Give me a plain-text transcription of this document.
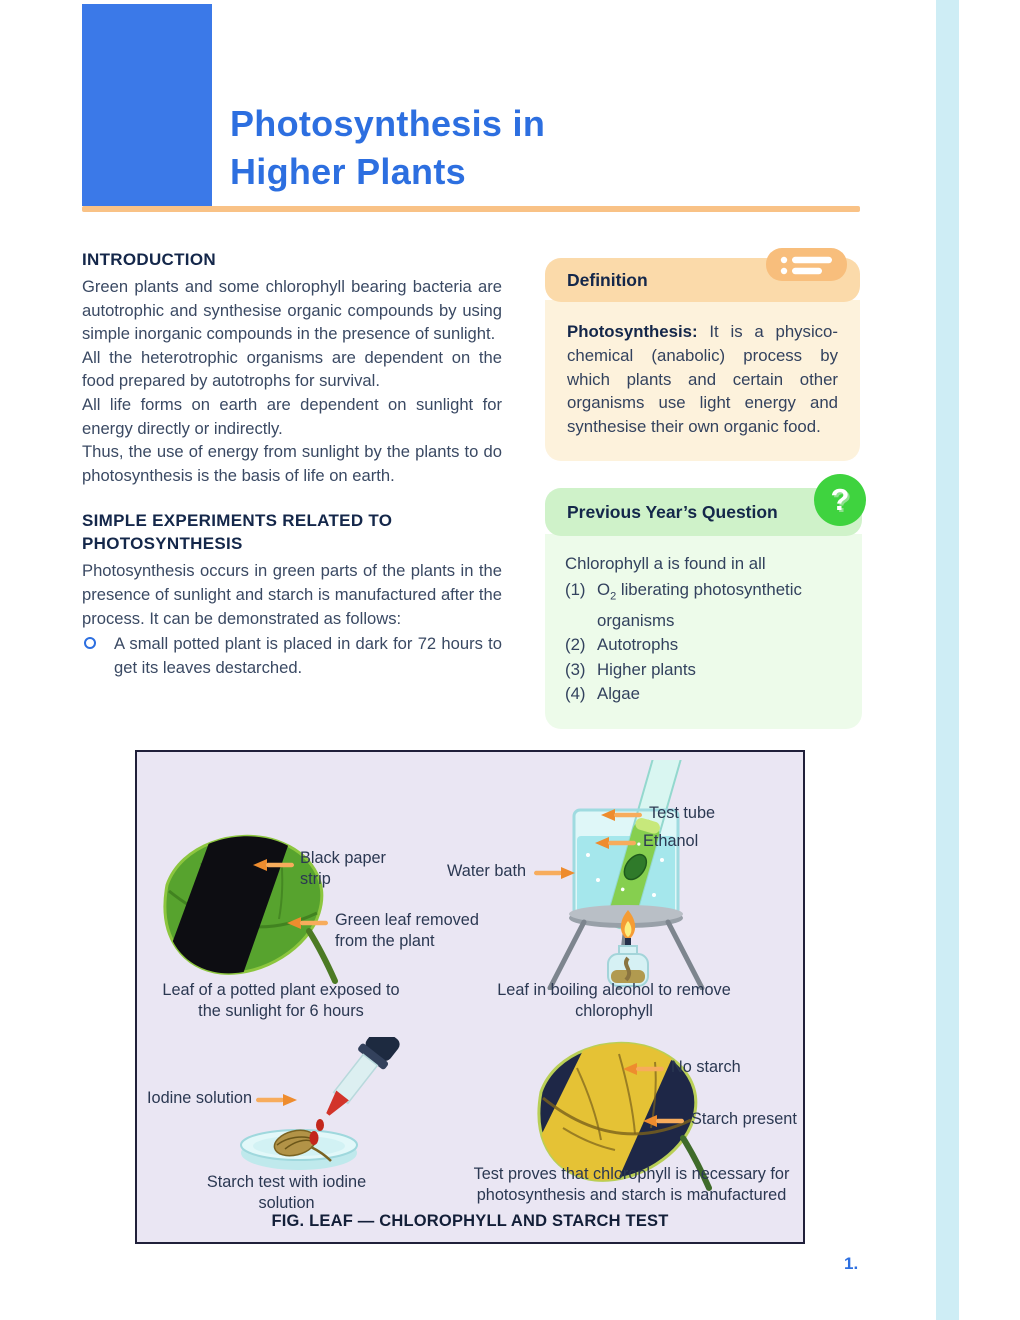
Photosynthesis in
Higher Plants
INTRODUCTION

Green plants and some chlorophyll bearing bacteria are autotrophic and synthesise organic compounds by using simple inorganic compounds in the presence of sunlight.

All the heterotrophic organisms are dependent on the food prepared by autotrophs for survival.

All life forms on earth are dependent on sunlight for energy directly or indirectly.

Thus, the use of energy from sunlight by the plants to do photosynthesis is the basis of life on earth.

SIMPLE EXPERIMENTS RELATED TO PHOTOSYNTHESIS

Photosynthesis occurs in green parts of the plants in the presence of sunlight and starch is manufactured after the process. It can be demonstrated as follows:

A small potted plant is placed in dark for 72 hours to get its leaves destarched.
Definition
Photosynthesis: It is a physico-chemical (anabolic) process by which plants and certain other organisms use light energy and synthesise their own organic food.
?
Previous Year’s Question
Chlorophyll a is found in all
(1) $O_2$ liberating photosynthetic organisms
(2) Autotrophs
(3) Higher plants
(4) Algae
Black paper strip
Green leaf removed from the plant
Leaf of a potted plant exposed to the sunlight for 6 hours
Test tube
Ethanol
Water bath
Leaf in boiling alcohol to remove chlorophyll
Iodine solution
Starch test with iodine solution
No starch
Starch present
Test proves that chlorophyll is necessary for photosynthesis and starch is manufactured
FIG. LEAF — CHLOROPHYLL AND STARCH TEST
1.
